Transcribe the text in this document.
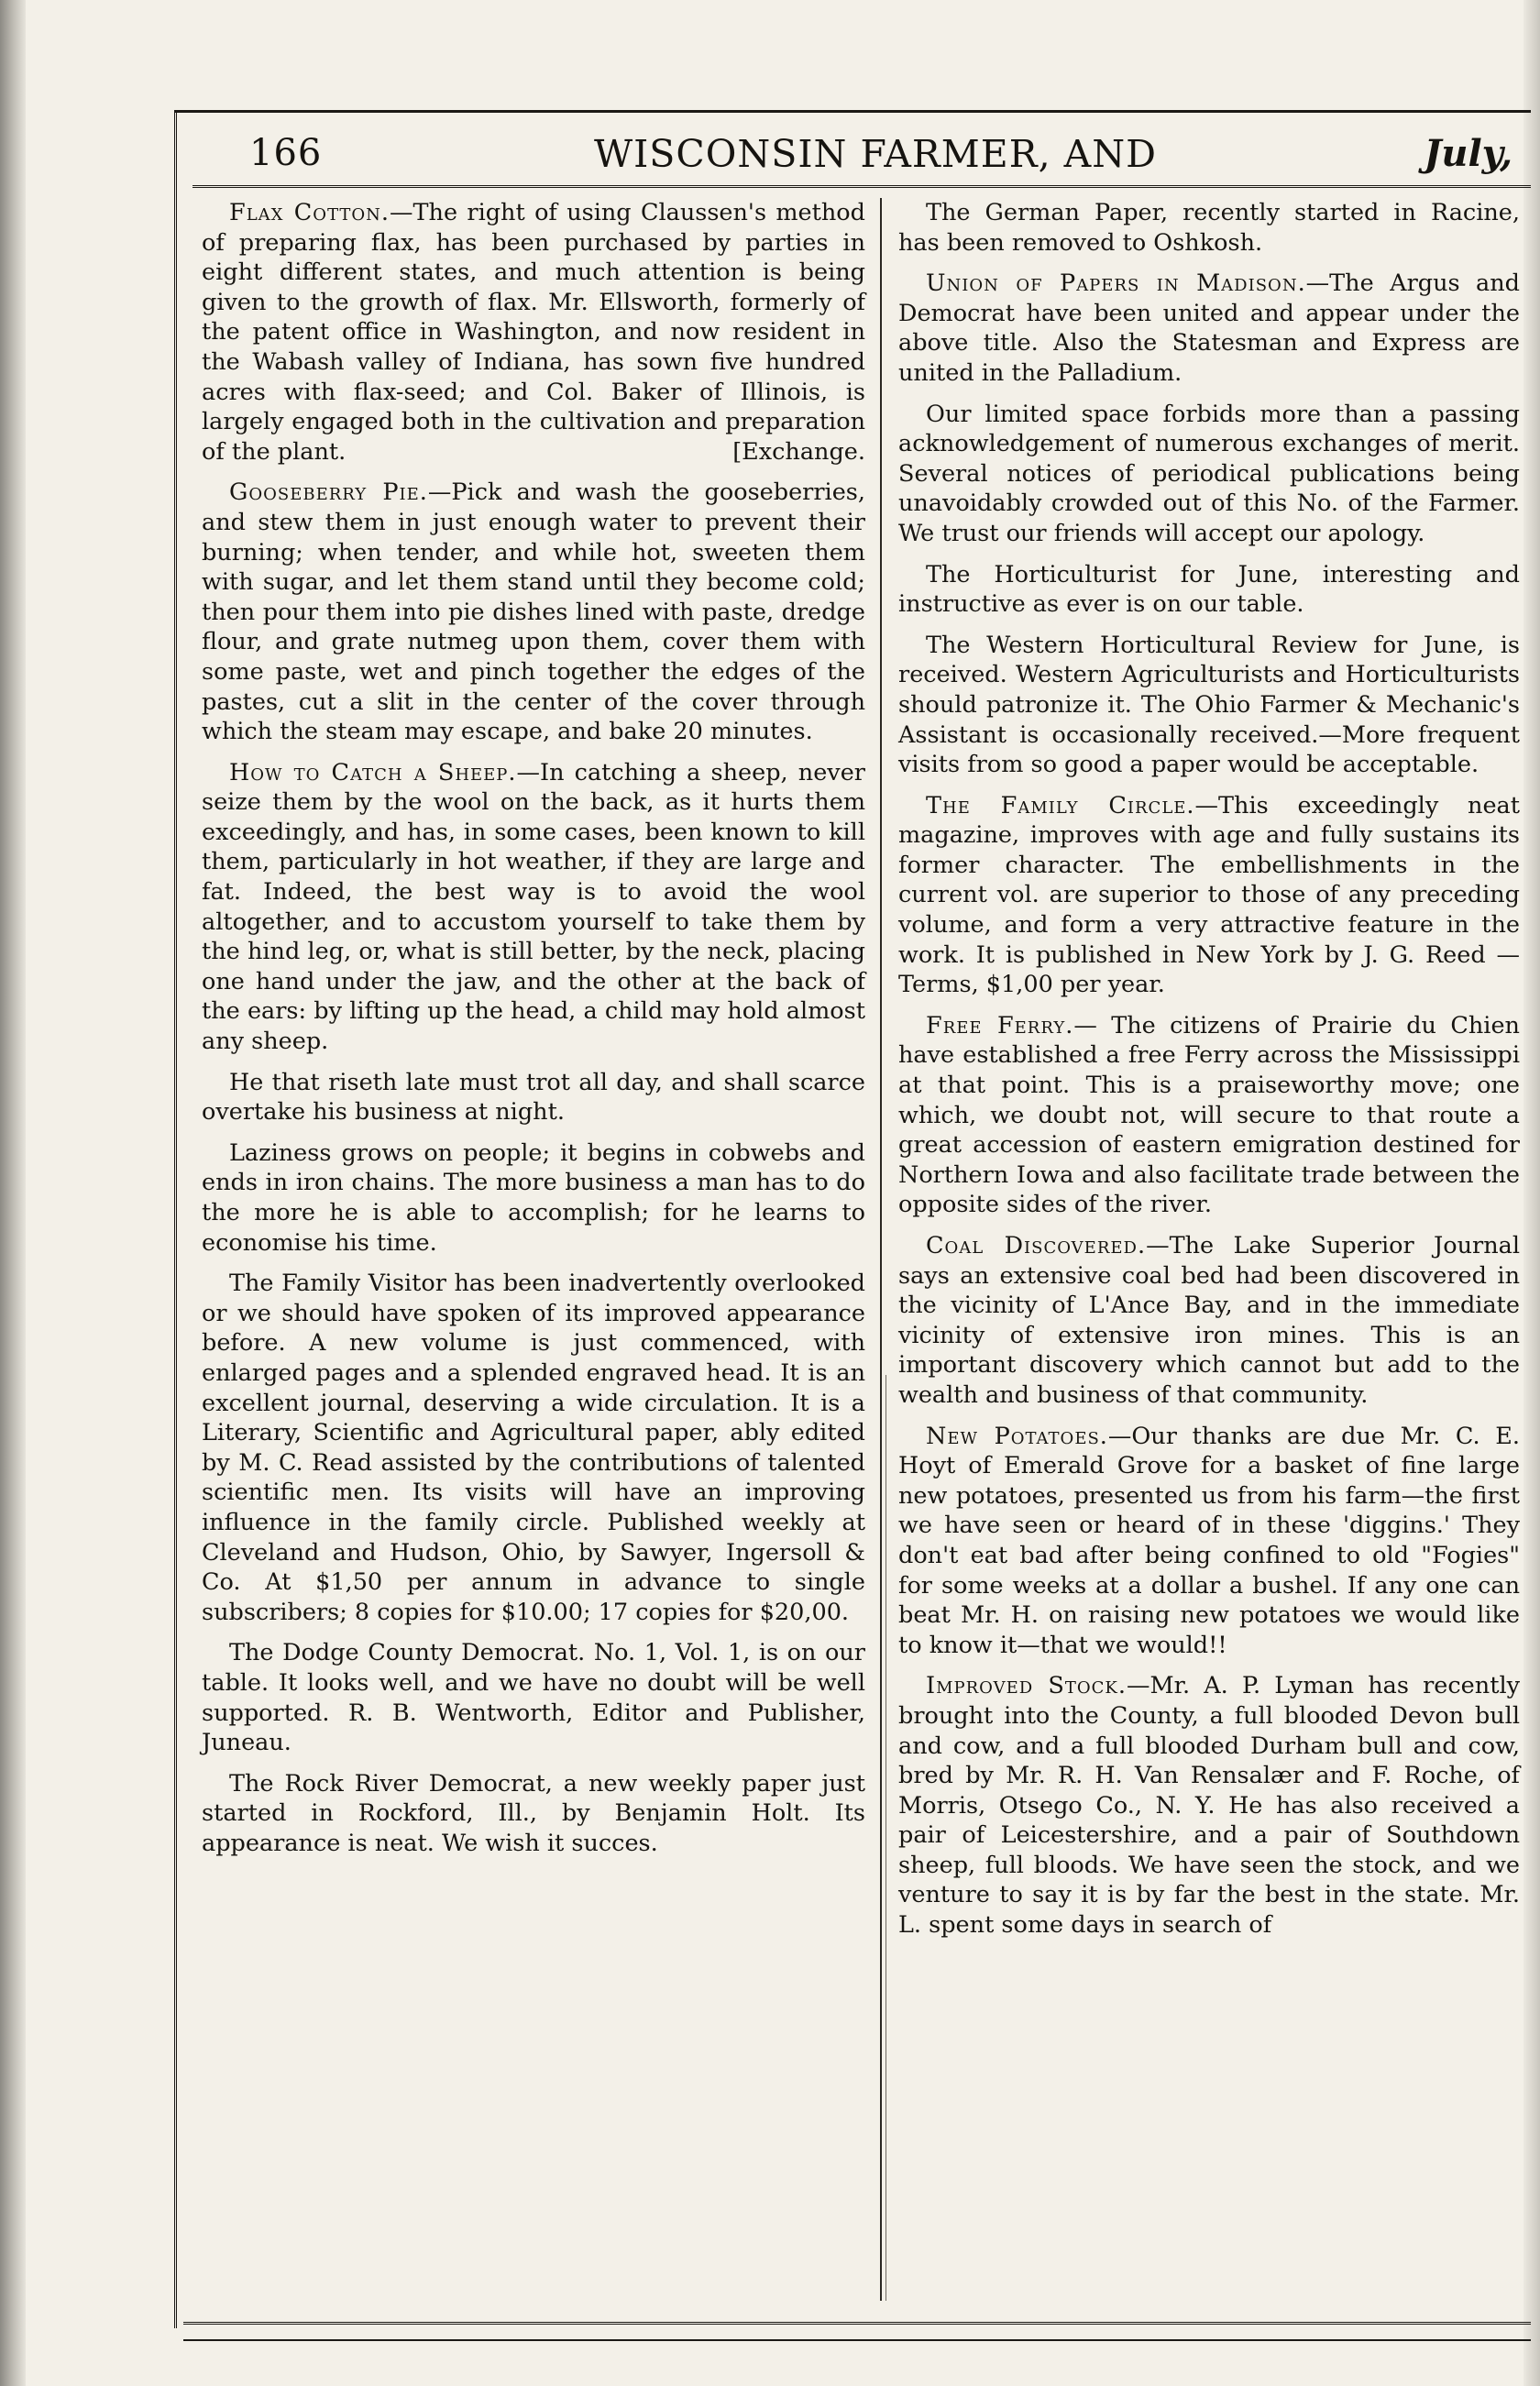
166	WISCONSIN FARMER, AND	July,

Flax Cotton.—The right of using Claussen's method of preparing flax, has been purchased by parties in eight different states, and much attention is being given to the growth of flax. Mr. Ellsworth, formerly of the patent office in Washington, and now resident in the Wabash valley of Indiana, has sown five hundred acres with flax-seed; and Col. Baker of Illinois, is largely engaged both in the cultivation and preparation of the plant.	[Exchange.

Gooseberry Pie.—Pick and wash the gooseberries, and stew them in just enough water to prevent their burning; when tender, and while hot, sweeten them with sugar, and let them stand until they become cold; then pour them into pie dishes lined with paste, dredge flour, and grate nutmeg upon them, cover them with some paste, wet and pinch together the edges of the pastes, cut a slit in the center of the cover through which the steam may escape, and bake 20 minutes.

How to Catch a Sheep.—In catching a sheep, never seize them by the wool on the back, as it hurts them exceedingly, and has, in some cases, been known to kill them, particularly in hot weather, if they are large and fat. Indeed, the best way is to avoid the wool altogether, and to accustom yourself to take them by the hind leg, or, what is still better, by the neck, placing one hand under the jaw, and the other at the back of the ears: by lifting up the head, a child may hold almost any sheep.

He that riseth late must trot all day, and shall scarce overtake his business at night.

Laziness grows on people; it begins in cobwebs and ends in iron chains. The more business a man has to do the more he is able to accomplish; for he learns to economise his time.

The Family Visitor has been inadvertently overlooked or we should have spoken of its improved appearance before. A new volume is just commenced, with enlarged pages and a splended engraved head. It is an excellent journal, deserving a wide circulation. It is a Literary, Scientific and Agricultural paper, ably edited by M. C. Read assisted by the contributions of talented scientific men. Its visits will have an improving influence in the family circle. Published weekly at Cleveland and Hudson, Ohio, by Sawyer, Ingersoll & Co. At $1,50 per annum in advance to single subscribers; 8 copies for $10.00; 17 copies for $20,00.

The Dodge County Democrat. No. 1, Vol. 1, is on our table. It looks well, and we have no doubt will be well supported. R. B. Wentworth, Editor and Publisher, Juneau.

The Rock River Democrat, a new weekly paper just started in Rockford, Ill., by Benjamin Holt. Its appearance is neat. We wish it succes.

The German Paper, recently started in Racine, has been removed to Oshkosh.

Union of Papers in Madison.—The Argus and Democrat have been united and appear under the above title. Also the Statesman and Express are united in the Palladium.

Our limited space forbids more than a passing acknowledgement of numerous exchanges of merit. Several notices of periodical publications being unavoidably crowded out of this No. of the Farmer. We trust our friends will accept our apology.

The Horticulturist for June, interesting and instructive as ever is on our table.

The Western Horticultural Review for June, is received. Western Agriculturists and Horticulturists should patronize it. The Ohio Farmer & Mechanic's Assistant is occasionally received.—More frequent visits from so good a paper would be acceptable.

The Family Circle.—This exceedingly neat magazine, improves with age and fully sustains its former character. The embellishments in the current vol. are superior to those of any preceding volume, and form a very attractive feature in the work. It is published in New York by J. G. Reed —Terms, $1,00 per year.

Free Ferry.— The citizens of Prairie du Chien have established a free Ferry across the Mississippi at that point. This is a praiseworthy move; one which, we doubt not, will secure to that route a great accession of eastern emigration destined for Northern Iowa and also facilitate trade between the opposite sides of the river.

Coal Discovered.—The Lake Superior Journal says an extensive coal bed had been discovered in the vicinity of L'Ance Bay, and in the immediate vicinity of extensive iron mines. This is an important discovery which cannot but add to the wealth and business of that community.

New Potatoes.—Our thanks are due Mr. C. E. Hoyt of Emerald Grove for a basket of fine large new potatoes, presented us from his farm—the first we have seen or heard of in these 'diggins.' They don't eat bad after being confined to old "Fogies" for some weeks at a dollar a bushel. If any one can beat Mr. H. on raising new potatoes we would like to know it—that we would!!

Improved Stock.—Mr. A. P. Lyman has recently brought into the County, a full blooded Devon bull and cow, and a full blooded Durham bull and cow, bred by Mr. R. H. Van Rensalær and F. Roche, of Morris, Otsego Co., N. Y. He has also received a pair of Leicestershire, and a pair of Southdown sheep, full bloods. We have seen the stock, and we venture to say it is by far the best in the state. Mr. L. spent some days in search of
